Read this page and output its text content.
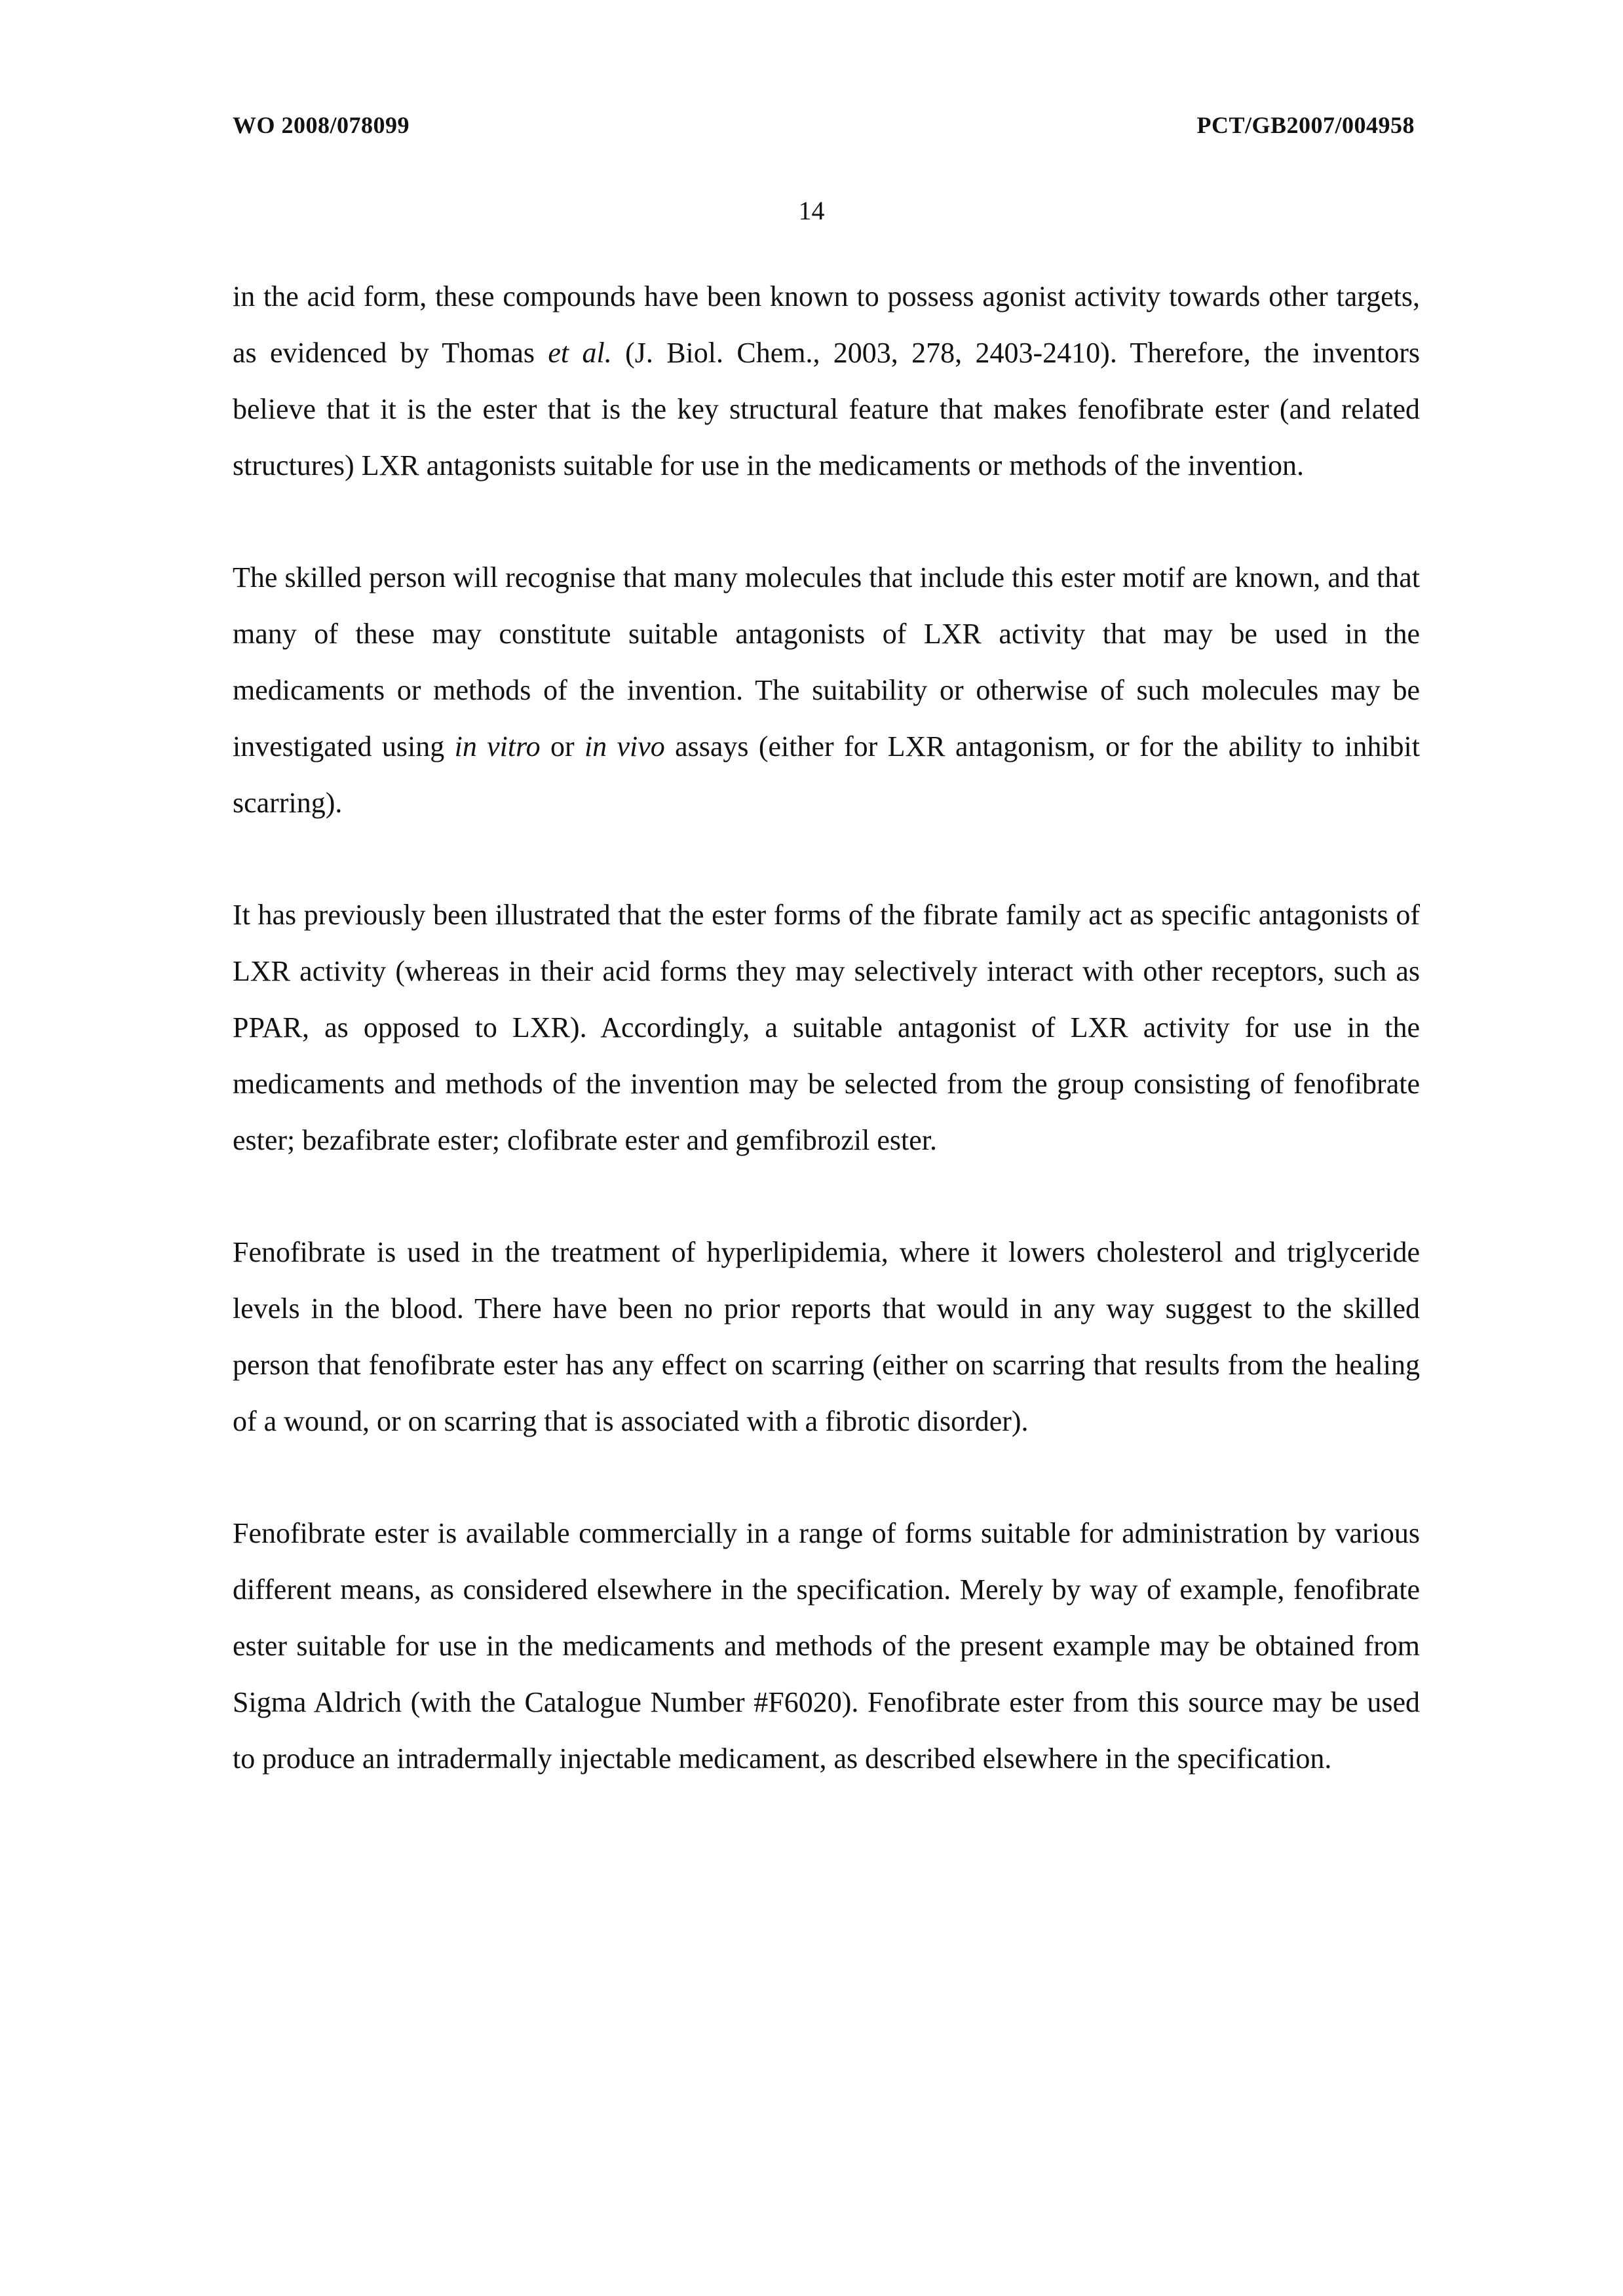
WO 2008/078099	PCT/GB2007/004958
14

in the acid form, these compounds have been known to possess agonist activity towards other targets, as evidenced by Thomas et al. (J. Biol. Chem., 2003, 278, 2403-2410). Therefore, the inventors believe that it is the ester that is the key structural feature that makes fenofibrate ester (and related structures) LXR antagonists suitable for use in the medicaments or methods of the invention.

The skilled person will recognise that many molecules that include this ester motif are known, and that many of these may constitute suitable antagonists of LXR activity that may be used in the medicaments or methods of the invention. The suitability or otherwise of such molecules may be investigated using in vitro or in vivo assays (either for LXR antagonism, or for the ability to inhibit scarring).

It has previously been illustrated that the ester forms of the fibrate family act as specific antagonists of LXR activity (whereas in their acid forms they may selectively interact with other receptors, such as PPAR, as opposed to LXR). Accordingly, a suitable antagonist of LXR activity for use in the medicaments and methods of the invention may be selected from the group consisting of fenofibrate ester; bezafibrate ester; clofibrate ester and gemfibrozil ester.

Fenofibrate is used in the treatment of hyperlipidemia, where it lowers cholesterol and triglyceride levels in the blood. There have been no prior reports that would in any way suggest to the skilled person that fenofibrate ester has any effect on scarring (either on scarring that results from the healing of a wound, or on scarring that is associated with a fibrotic disorder).

Fenofibrate ester is available commercially in a range of forms suitable for administration by various different means, as considered elsewhere in the specification. Merely by way of example, fenofibrate ester suitable for use in the medicaments and methods of the present example may be obtained from Sigma Aldrich (with the Catalogue Number #F6020). Fenofibrate ester from this source may be used to produce an intradermally injectable medicament, as described elsewhere in the specification.
